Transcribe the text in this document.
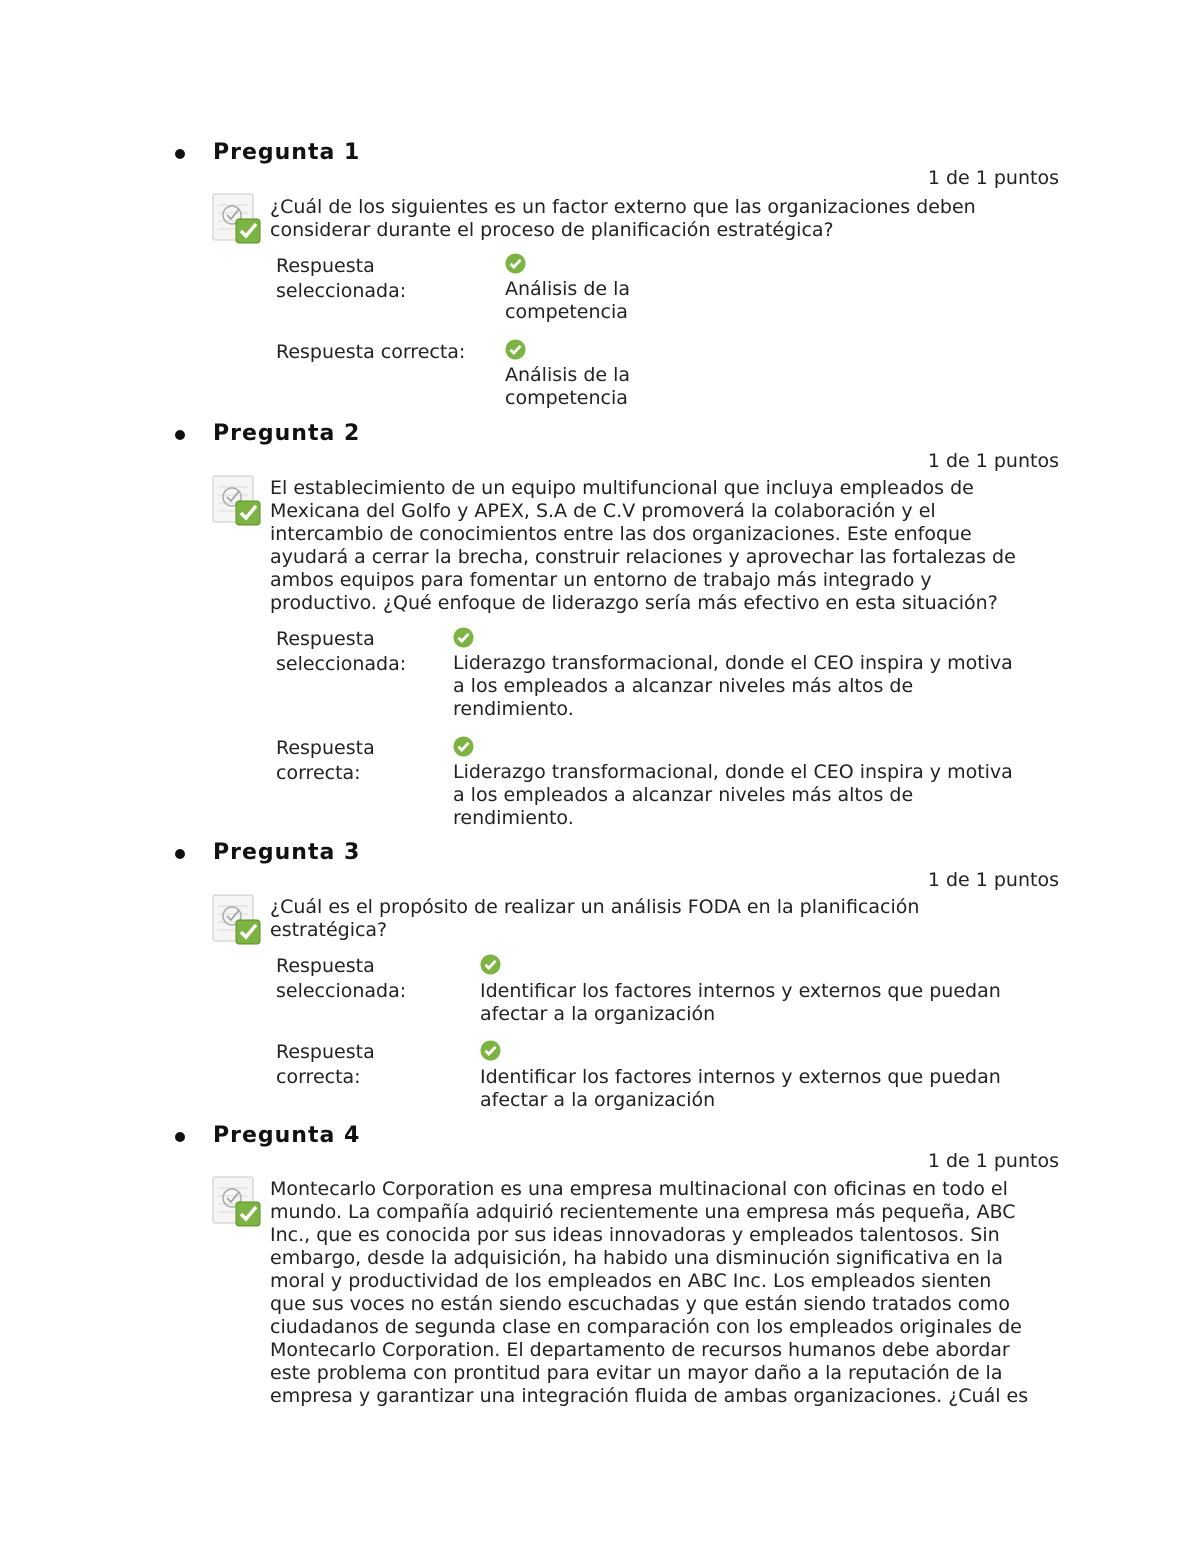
Pregunta 1
1 de 1 puntos
¿Cuál de los siguientes es un factor externo que las organizaciones deben
considerar durante el proceso de planificación estratégica?
Respuesta
seleccionada:	Análisis de la
competencia
Respuesta correcta:
Análisis de la
competencia
Pregunta 2
1 de 1 puntos
El establecimiento de un equipo multifuncional que incluya empleados de
Mexicana del Golfo y APEX, S.A de C.V promoverá la colaboración y el
intercambio de conocimientos entre las dos organizaciones. Este enfoque
ayudará a cerrar la brecha, construir relaciones y aprovechar las fortalezas de
ambos equipos para fomentar un entorno de trabajo más integrado y
productivo. ¿Qué enfoque de liderazgo sería más efectivo en esta situación?
Respuesta
seleccionada: Liderazgo transformacional, donde el CEO inspira y motiva
a los empleados a alcanzar niveles más altos de
rendimiento.
Respuesta
correcta:	Liderazgo transformacional, donde el CEO inspira y motiva
a los empleados a alcanzar niveles más altos de
rendimiento.
Pregunta 3
1 de 1 puntos
¿Cuál es el propósito de realizar un análisis FODA en la planificación
estratégica?
Respuesta
seleccionada:	Identificar los factores internos y externos que puedan
afectar a la organización
Respuesta
correcta:	Identificar los factores internos y externos que puedan
afectar a la organización
Pregunta 4
1 de 1 puntos
Montecarlo Corporation es una empresa multinacional con oficinas en todo el
mundo. La compañía adquirió recientemente una empresa más pequeña, ABC
Inc., que es conocida por sus ideas innovadoras y empleados talentosos. Sin
embargo, desde la adquisición, ha habido una disminución significativa en la
moral y productividad de los empleados en ABC Inc. Los empleados sienten
que sus voces no están siendo escuchadas y que están siendo tratados como
ciudadanos de segunda clase en comparación con los empleados originales de
Montecarlo Corporation. El departamento de recursos humanos debe abordar
este problema con prontitud para evitar un mayor daño a la reputación de la
empresa y garantizar una integración fluida de ambas organizaciones. ¿Cuál es
